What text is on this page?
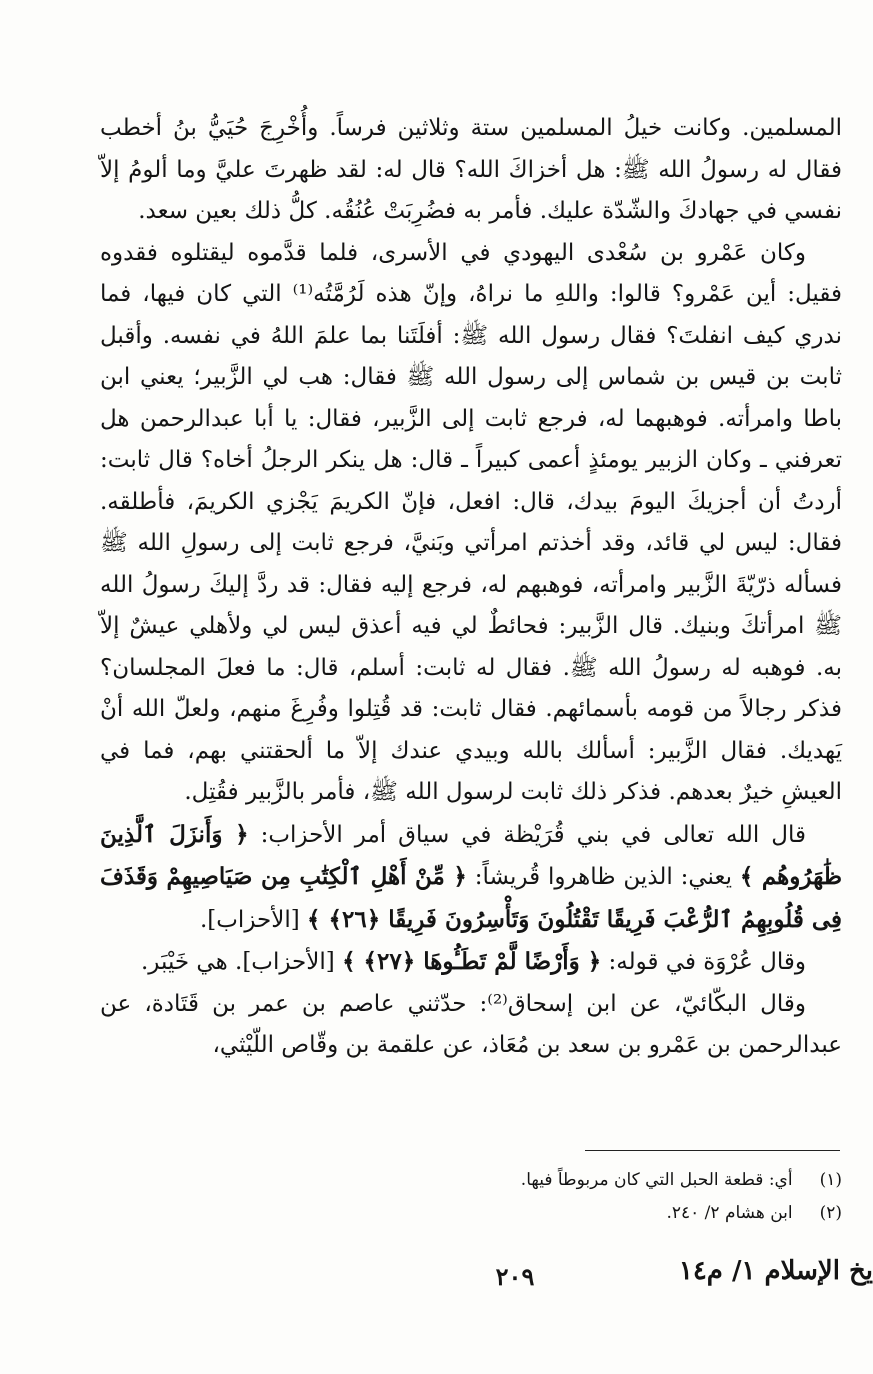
المسلمين. وكانت خيلُ المسلمين ستة وثلاثين فرساً. وأُخْرِجَ حُيَيُّ بنُ أخطب فقال له رسولُ الله ﷺ: هل أخزاكَ الله؟ قال له: لقد ظهرتَ عليَّ وما ألومُ إلاّ نفسي في جهادكَ والشّدّة عليك. فأمر به فضُرِبَتْ عُنُقُه. كلُّ ذلك بعين سعد.

وكان عَمْرو بن سُعْدى اليهودي في الأسرى، فلما قدَّموه ليقتلوه فقدوه فقيل: أين عَمْرو؟ قالوا: واللهِ ما نراهُ، وإنّ هذه لَرُمَّتُه⁽¹⁾ التي كان فيها، فما ندري كيف انفلتَ؟ فقال رسول الله ﷺ: أفلَتَنا بما علمَ اللهُ في نفسه. وأقبل ثابت بن قيس بن شماس إلى رسول الله ﷺ فقال: هب لي الزَّبير؛ يعني ابن باطا وامرأته. فوهبهما له، فرجع ثابت إلى الزَّبير، فقال: يا أبا عبدالرحمن هل تعرفني ـ وكان الزبير يومئذٍ أعمى كبيراً ـ قال: هل ينكر الرجلُ أخاه؟ قال ثابت: أردتُ أن أجزيكَ اليومَ بيدك، قال: افعل، فإنّ الكريمَ يَجْزي الكريمَ، فأطلقه. فقال: ليس لي قائد، وقد أخذتم امرأتي وبَنيَّ، فرجع ثابت إلى رسولِ الله ﷺ فسأله ذرّيّةَ الزَّبير وامرأته، فوهبهم له، فرجع إليه فقال: قد ردَّ إليكَ رسولُ الله ﷺ امرأتكَ وبنيك. قال الزَّبير: فحائطٌ لي فيه أعذق ليس لي ولأهلي عيشٌ إلاّ به. فوهبه له رسولُ الله ﷺ. فقال له ثابت: أسلم، قال: ما فعلَ المجلسان؟ فذكر رجالاً من قومه بأسمائهم. فقال ثابت: قد قُتِلوا وفُرِغَ منهم، ولعلّ الله أنْ يَهديك. فقال الزَّبير: أسألك بالله وبيدي عندك إلاّ ما ألحقتني بهم، فما في العيشِ خيرٌ بعدهم. فذكر ذلك ثابت لرسول الله ﷺ، فأمر بالزَّبير فقُتِل.

قال الله تعالى في بني قُرَيْظة في سياق أمر الأحزاب: ﴿ وَأَنزَلَ ٱلَّذِينَ ظَٰهَرُوهُم ﴾ يعني: الذين ظاهروا قُريشاً: ﴿ مِّنْ أَهْلِ ٱلْكِتَٰبِ مِن صَيَاصِيهِمْ وَقَذَفَ فِى قُلُوبِهِمُ ٱلرُّعْبَ فَرِيقًا تَقْتُلُونَ وَتَأْسِرُونَ فَرِيقًا ﴿٢٦﴾ ﴾ [الأحزاب].

وقال عُرْوَة في قوله: ﴿ وَأَرْضًا لَّمْ تَطَـُٔوهَا ﴿٢٧﴾ ﴾ [الأحزاب]. هي خَيْبَر.

وقال البكّائيّ، عن ابن إسحاق⁽²⁾: حدّثني عاصم بن عمر بن قَتَادة، عن عبدالرحمن بن عَمْرو بن سعد بن مُعَاذ، عن علقمة بن وقّاص اللّيْثي،

(١) أي: قطعة الحبل التي كان مربوطاً فيها.

(٢) ابن هشام ٢/ ٢٤٠.

٢٠٩	يخ الإسلام ١/ م١٤
